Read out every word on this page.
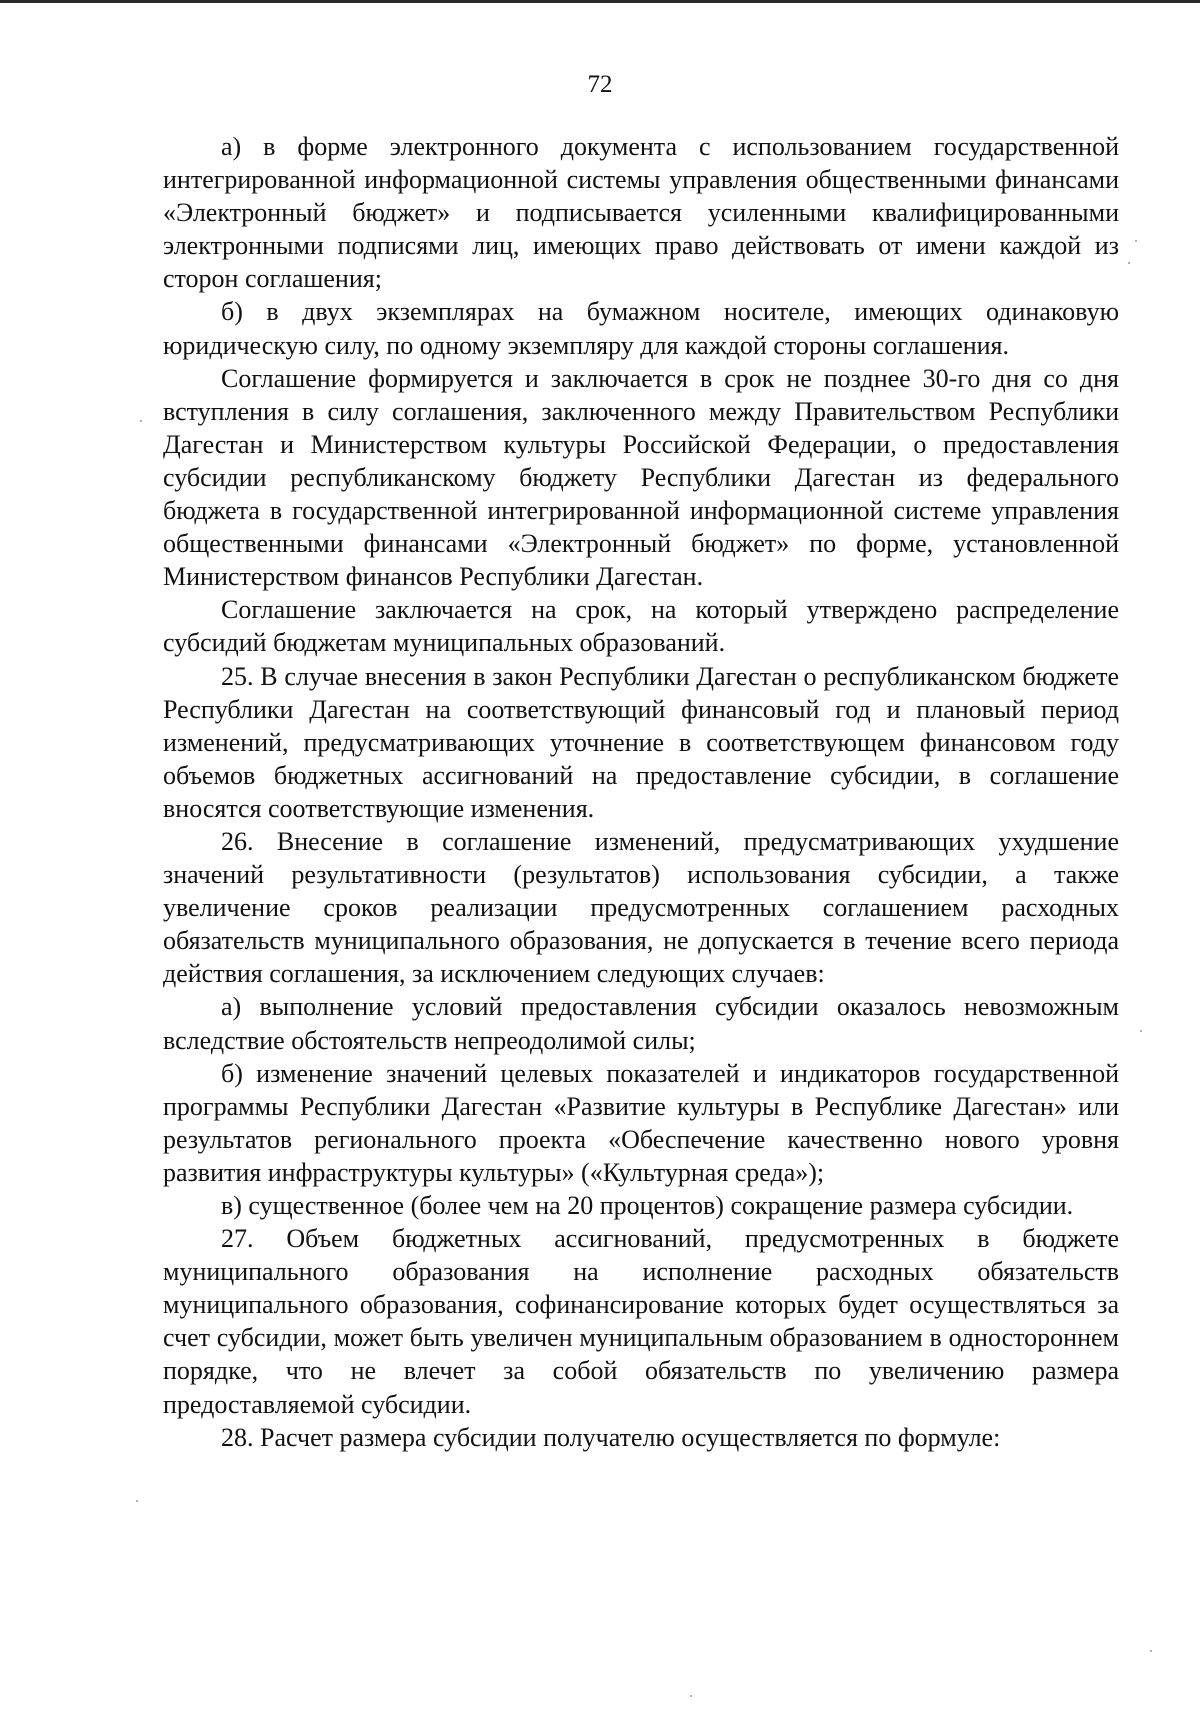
72

а) в форме электронного документа с использованием государственной интегрированной информационной системы управления общественными финансами «Электронный бюджет» и подписывается усиленными квалифицированными электронными подписями лиц, имеющих право действовать от имени каждой из сторон соглашения;

б) в двух экземплярах на бумажном носителе, имеющих одинаковую юридическую силу, по одному экземпляру для каждой стороны соглашения.

Соглашение формируется и заключается в срок не позднее 30-го дня со дня вступления в силу соглашения, заключенного между Правительством Республики Дагестан и Министерством культуры Российской Федерации, о предоставления субсидии республиканскому бюджету Республики Дагестан из федерального бюджета в государственной интегрированной информационной системе управления общественными финансами «Электронный бюджет» по форме, установленной Министерством финансов Республики Дагестан.

Соглашение заключается на срок, на который утверждено распределение субсидий бюджетам муниципальных образований.

25. В случае внесения в закон Республики Дагестан о республиканском бюджете Республики Дагестан на соответствующий финансовый год и плановый период изменений, предусматривающих уточнение в соответствующем финансовом году объемов бюджетных ассигнований на предоставление субсидии, в соглашение вносятся соответствующие изменения.

26. Внесение в соглашение изменений, предусматривающих ухудшение значений результативности (результатов) использования субсидии, а также увеличение сроков реализации предусмотренных соглашением расходных обязательств муниципального образования, не допускается в течение всего периода действия соглашения, за исключением следующих случаев:

а) выполнение условий предоставления субсидии оказалось невозможным вследствие обстоятельств непреодолимой силы;

б) изменение значений целевых показателей и индикаторов государственной программы Республики Дагестан «Развитие культуры в Республике Дагестан» или результатов регионального проекта «Обеспечение качественно нового уровня развития инфраструктуры культуры» («Культурная среда»);

в) существенное (более чем на 20 процентов) сокращение размера субсидии.

27. Объем бюджетных ассигнований, предусмотренных в бюджете муниципального образования на исполнение расходных обязательств муниципального образования, софинансирование которых будет осуществляться за счет субсидии, может быть увеличен муниципальным образованием в одностороннем порядке, что не влечет за собой обязательств по увеличению размера предоставляемой субсидии.

28. Расчет размера субсидии получателю осуществляется по формуле:
